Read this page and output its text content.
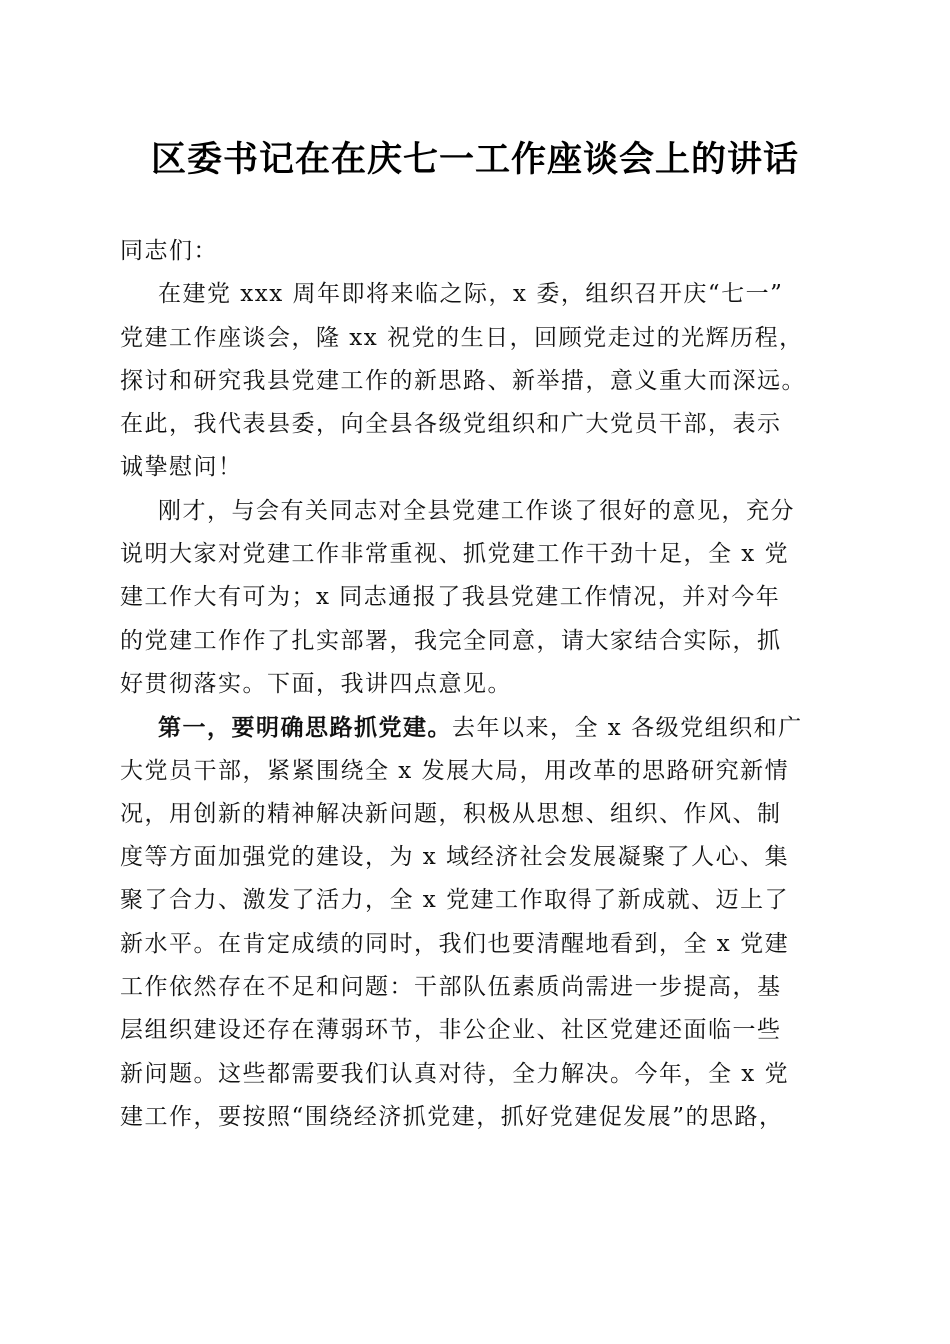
区委书记在在庆七一工作座谈会上的讲话
同志们：
在建党 xxx 周年即将来临之际，x 委，组织召开庆“七一”
党建工作座谈会，隆 xx 祝党的生日，回顾党走过的光辉历程，
探讨和研究我县党建工作的新思路、新举措，意义重大而深远。
在此，我代表县委，向全县各级党组织和广大党员干部，表示
诚挚慰问！
刚才，与会有关同志对全县党建工作谈了很好的意见，充分
说明大家对党建工作非常重视、抓党建工作干劲十足，全 x 党
建工作大有可为；x 同志通报了我县党建工作情况，并对今年
的党建工作作了扎实部署，我完全同意，请大家结合实际，抓
好贯彻落实。下面，我讲四点意见。
第一，要明确思路抓党建。去年以来，全 x 各级党组织和广
大党员干部，紧紧围绕全 x 发展大局，用改革的思路研究新情
况，用创新的精神解决新问题，积极从思想、组织、作风、制
度等方面加强党的建设，为 x 域经济社会发展凝聚了人心、集
聚了合力、激发了活力，全 x 党建工作取得了新成就、迈上了
新水平。在肯定成绩的同时，我们也要清醒地看到，全 x 党建
工作依然存在不足和问题：干部队伍素质尚需进一步提高，基
层组织建设还存在薄弱环节，非公企业、社区党建还面临一些
新问题。这些都需要我们认真对待，全力解决。今年，全 x 党
建工作，要按照“围绕经济抓党建，抓好党建促发展”的思路，
